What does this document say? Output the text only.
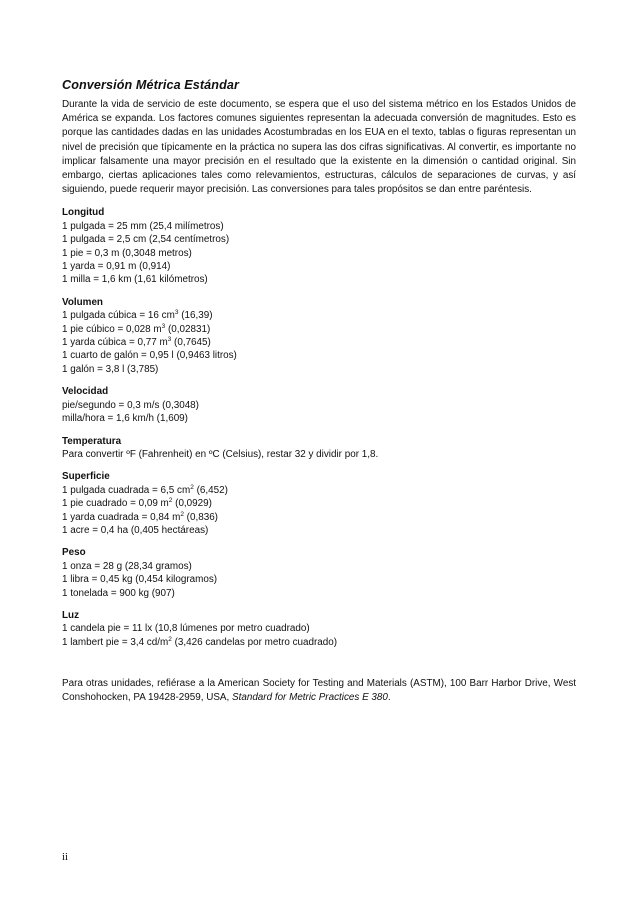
Conversión Métrica Estándar

Durante la vida de servicio de este documento, se espera que el uso del sistema métrico en los Estados Unidos de América se expanda. Los factores comunes siguientes representan la adecuada conversión de magnitudes. Esto es porque las cantidades dadas en las unidades Acostumbradas en los EUA en el texto, tablas o figuras representan un nivel de precisión que típicamente en la práctica no supera las dos cifras significativas. Al convertir, es importante no implicar falsamente una mayor precisión en el resultado que la existente en la dimensión o cantidad original. Sin embargo, ciertas aplicaciones tales como relevamientos, estructuras, cálculos de separaciones de curvas, y así siguiendo, puede requerir mayor precisión. Las conversiones para tales propósitos se dan entre paréntesis.

Longitud

1 pulgada = 25 mm (25,4 milímetros)

1 pulgada = 2,5 cm (2,54 centímetros)

1 pie = 0,3 m (0,3048 metros)

1 yarda = 0,91 m (0,914)

1 milla = 1,6 km (1,61 kilómetros)

Volumen

1 pulgada cúbica = 16 $cm^3$ (16,39)

1 pie cúbico = 0,028 $m^3$ (0,02831)

1 yarda cúbica = 0,77 $m^3$ (0,7645)

1 cuarto de galón = 0,95 l (0,9463 litros)

1 galón = 3,8 l (3,785)

Velocidad

pie/segundo = 0,3 m/s (0,3048)

milla/hora = 1,6 km/h (1,609)

Temperatura

Para convertir ºF (Fahrenheit) en ºC (Celsius), restar 32 y dividir por 1,8.

Superficie

1 pulgada cuadrada = 6,5 $cm^2$ (6,452)

1 pie cuadrado = 0,09 $m^2$ (0,0929)

1 yarda cuadrada = 0,84 $m^2$ (0,836)

1 acre = 0,4 ha (0,405 hectáreas)

Peso

1 onza = 28 g (28,34 gramos)

1 libra = 0,45 kg (0,454 kilogramos)

1 tonelada = 900 kg (907)

Luz

1 candela pie = 11 lx (10,8 lúmenes por metro cuadrado)

1 lambert pie = 3,4 $cd/m^2$ (3,426 candelas por metro cuadrado)

Para otras unidades, refiérase a la American Society for Testing and Materials (ASTM), 100 Barr Harbor Drive, West Conshohocken, PA 19428-2959, USA, Standard for Metric Practices E 380.

ii
